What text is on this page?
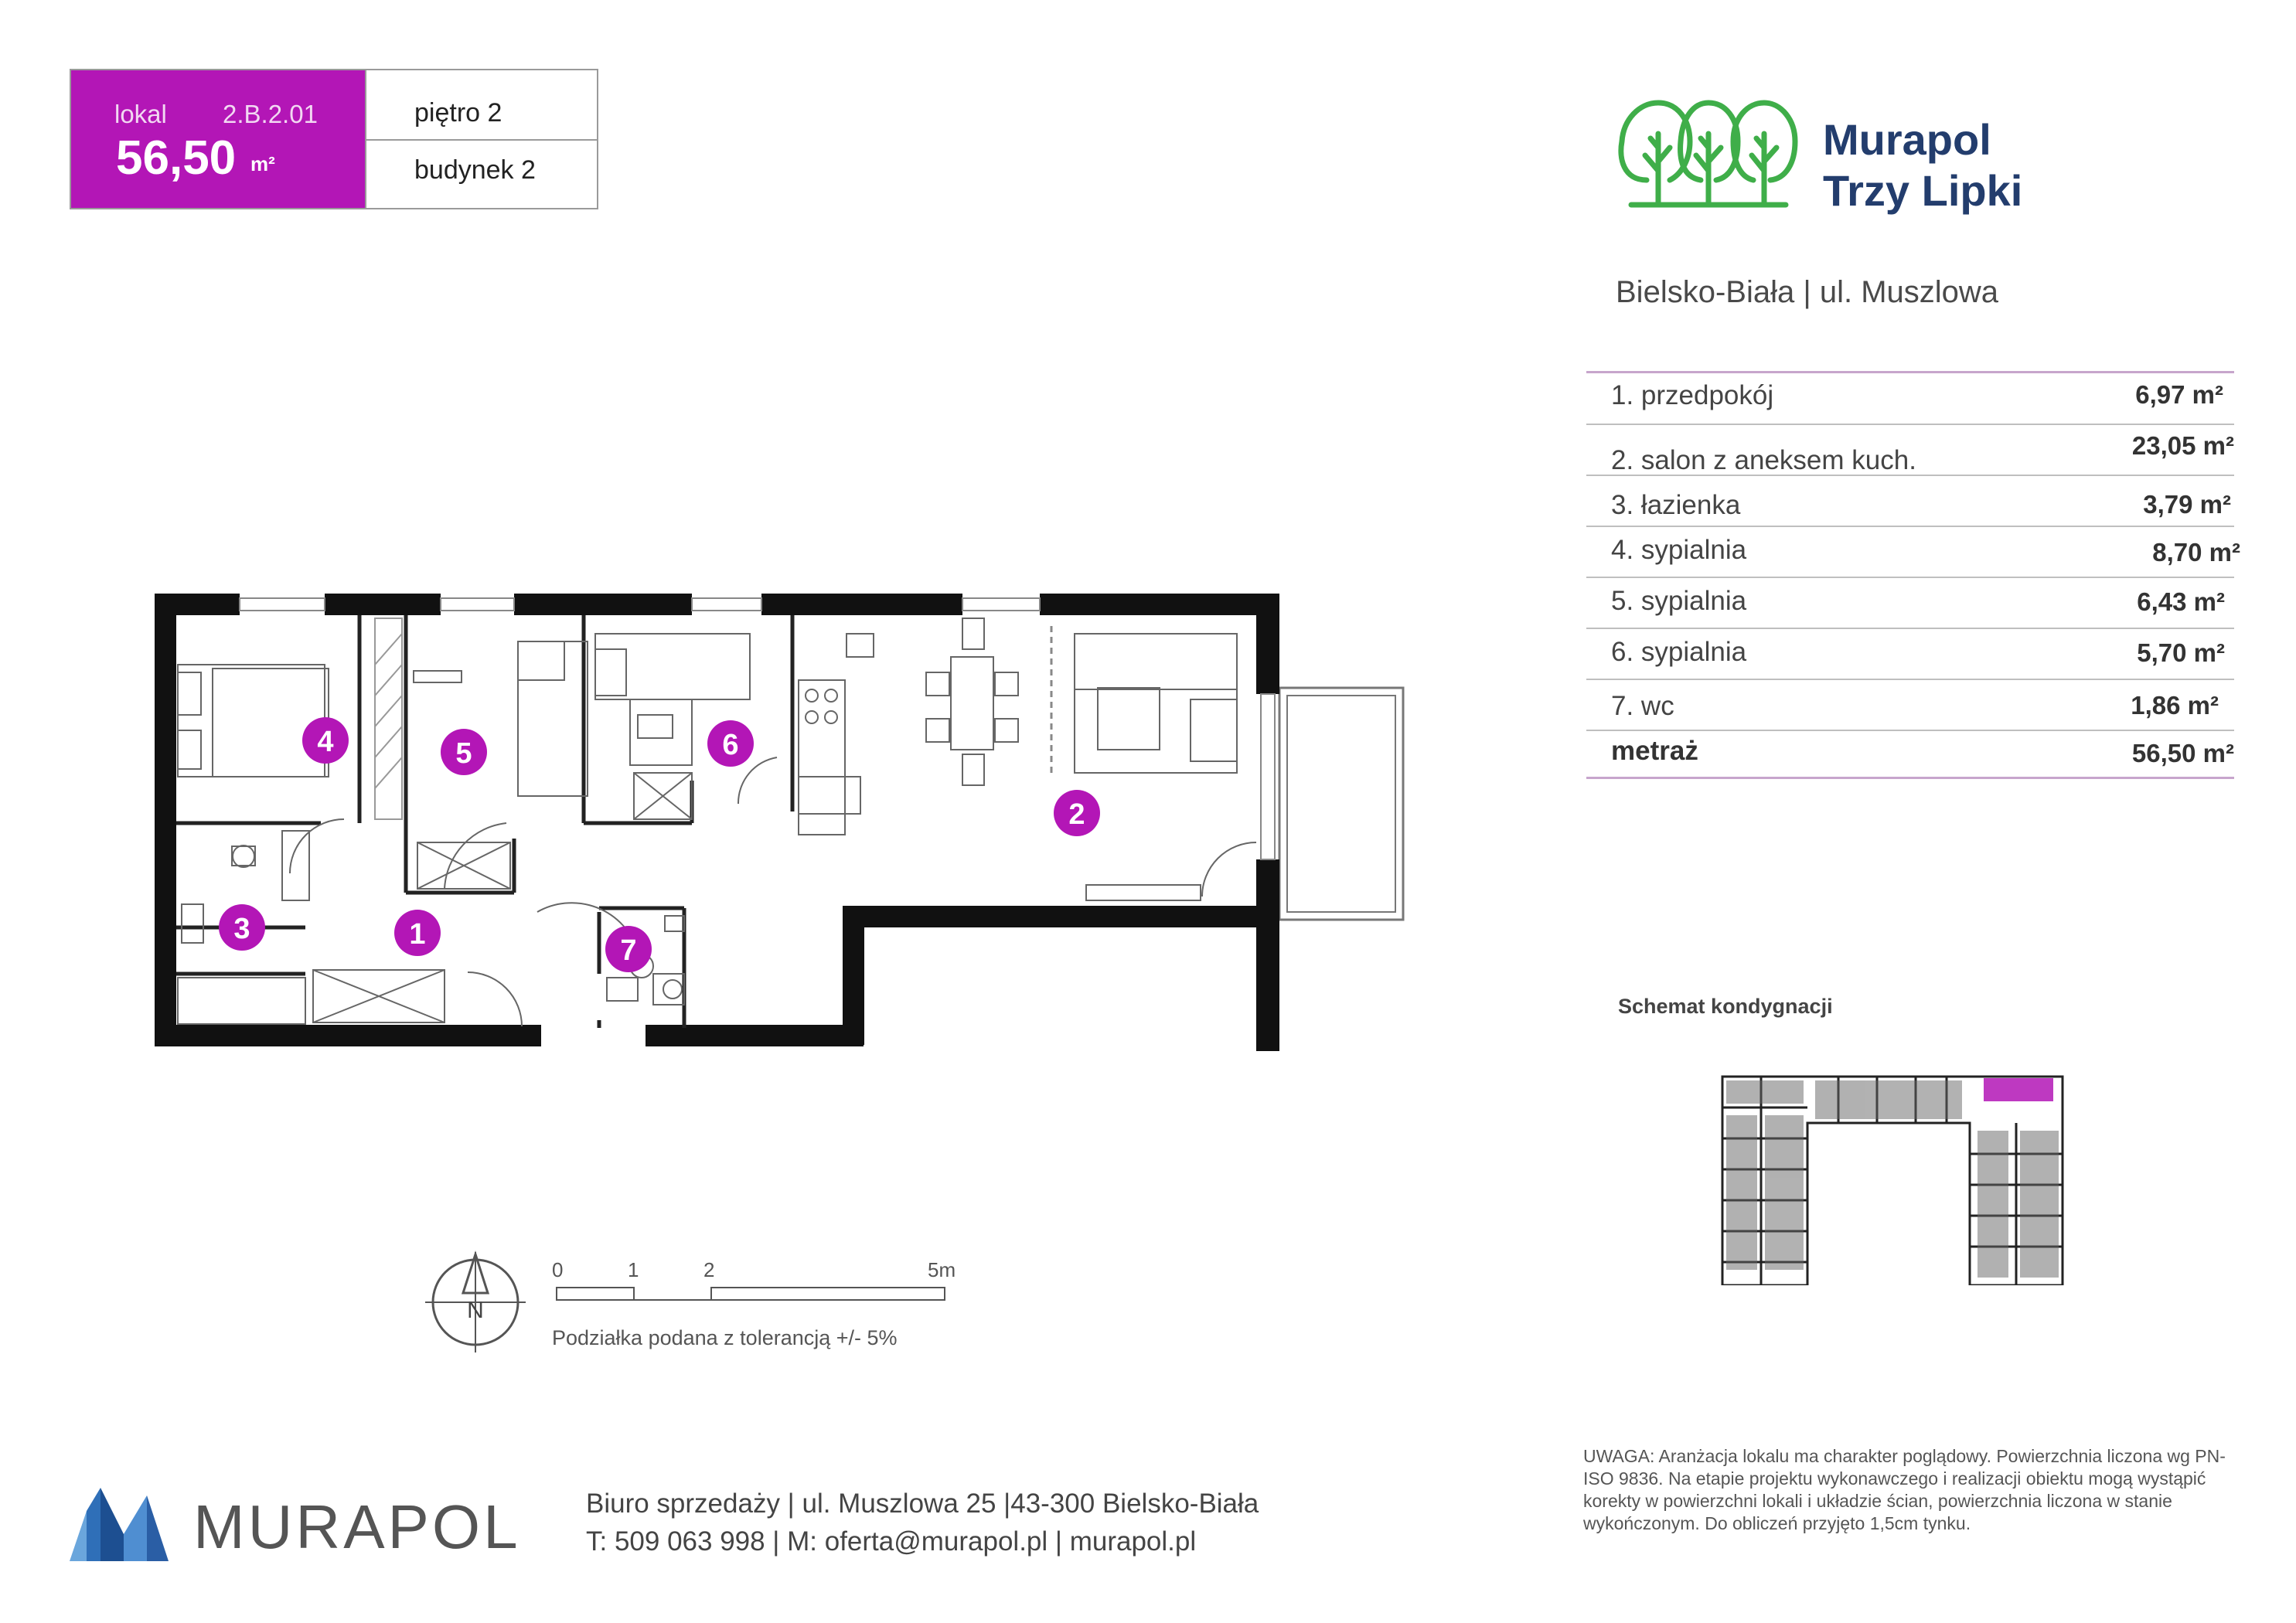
lokal 2.B.2.01
56,50 m²
piętro 2
budynek 2
Murapol
Trzy Lipki
Bielsko-Biała | ul. Muszlowa
1. przedpokój	6,97 m²
2. salon z aneksem kuch.	23,05 m²
3. łazienka	3,79 m²
4. sypialnia	8,70 m²
5. sypialnia	6,43 m²
6. sypialnia	5,70 m²
7. wc	1,86 m²
metraż	56,50 m²
4	5	6
2
3	1	7
N
0	1	2	5m
Podziałka podana z tolerancją +/- 5%
Schemat kondygnacji
MURAPOL Biuro sprzedaży | ul. Muszlowa 25 |43-300 Bielsko-Biała
T: 509 063 998 | M: oferta@murapol.pl | murapol.pl
UWAGA: Aranżacja lokalu ma charakter poglądowy. Powierzchnia liczona wg PN-ISO 9836. Na etapie projektu wykonawczego i realizacji obiektu mogą wystąpić korekty w powierzchni lokali i układzie ścian, powierzchnia liczona w stanie wykończonym. Do obliczeń przyjęto 1,5cm tynku.
